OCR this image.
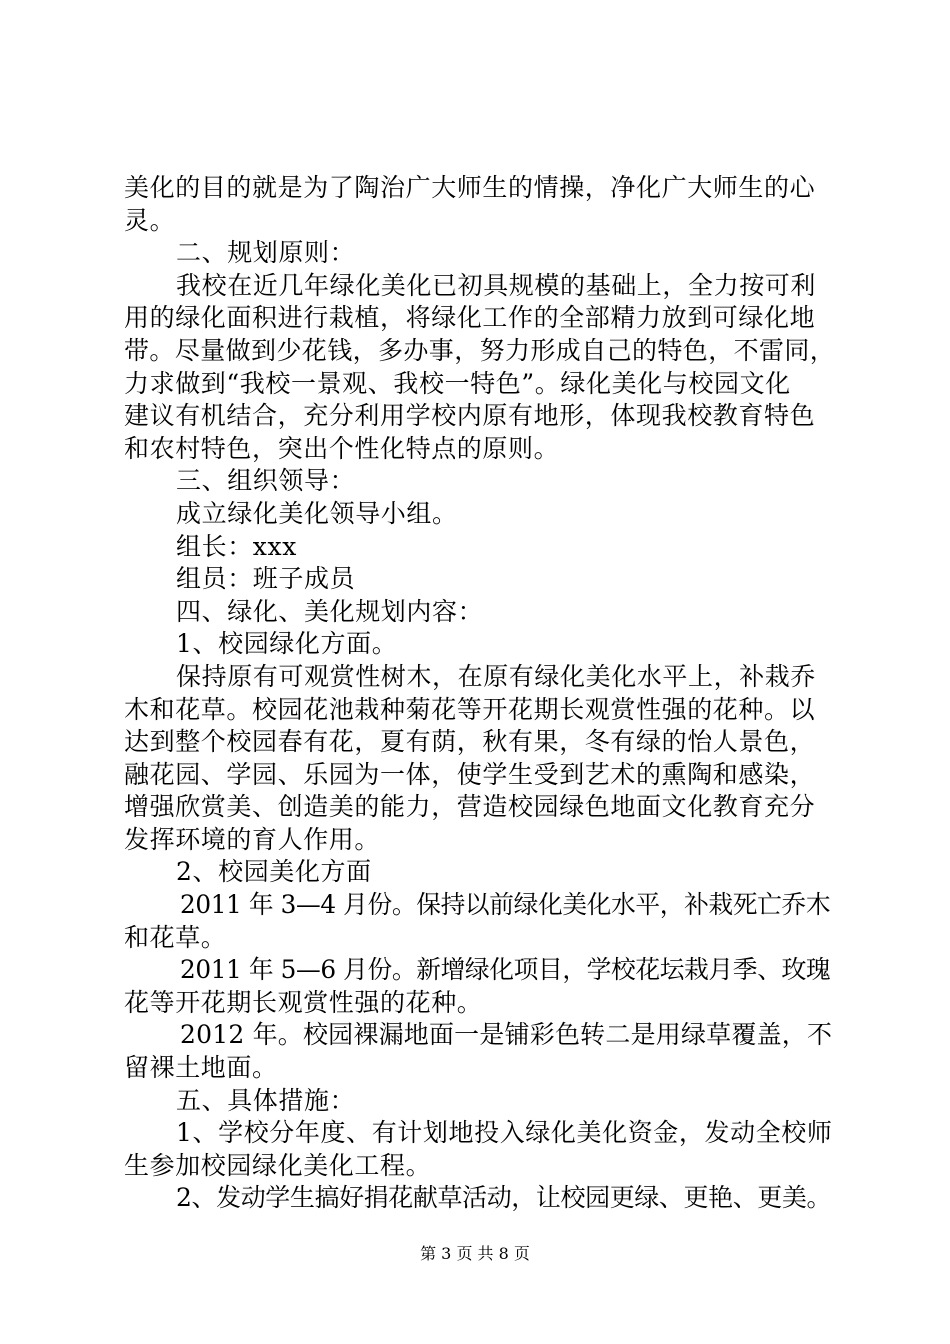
美化的目的就是为了陶治广大师生的情操，净化广大师生的心
灵。
二、规划原则：
我校在近几年绿化美化已初具规模的基础上，全力按可利
用的绿化面积进行栽植，将绿化工作的全部精力放到可绿化地
带。尽量做到少花钱，多办事，努力形成自己的特色，不雷同，
力求做到“我校一景观、我校一特色”。绿化美化与校园文化
建议有机结合，充分利用学校内原有地形，体现我校教育特色
和农村特色，突出个性化特点的原则。
三、组织领导：
成立绿化美化领导小组。
组长：xxx
组员：班子成员
四、绿化、美化规划内容：
1、校园绿化方面。
保持原有可观赏性树木，在原有绿化美化水平上，补栽乔
木和花草。校园花池栽种菊花等开花期长观赏性强的花种。以
达到整个校园春有花，夏有荫，秋有果，冬有绿的怡人景色，
融花园、学园、乐园为一体，使学生受到艺术的熏陶和感染，
增强欣赏美、创造美的能力，营造校园绿色地面文化教育充分
发挥环境的育人作用。
2、校园美化方面
2011 年 3—4 月份。保持以前绿化美化水平，补栽死亡乔木
和花草。
2011 年 5—6 月份。新增绿化项目，学校花坛栽月季、玫瑰
花等开花期长观赏性强的花种。
2012 年。校园裸漏地面一是铺彩色转二是用绿草覆盖，不
留裸土地面。
五、具体措施：
1、学校分年度、有计划地投入绿化美化资金，发动全校师
生参加校园绿化美化工程。
2、发动学生搞好捐花献草活动，让校园更绿、更艳、更美。
第 3 页 共 8 页
